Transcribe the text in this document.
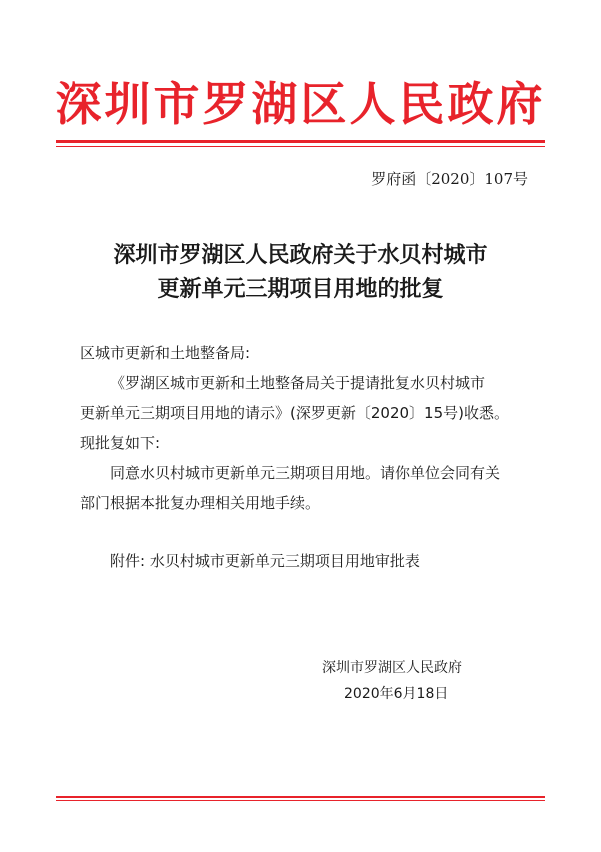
深圳市罗湖区人民政府
罗府函〔2020〕107号
深圳市罗湖区人民政府关于水贝村城市
更新单元三期项目用地的批复

区城市更新和土地整备局:

《罗湖区城市更新和土地整备局关于提请批复水贝村城市

更新单元三期项目用地的请示》(深罗更新〔2020〕15号)收悉。

现批复如下:

同意水贝村城市更新单元三期项目用地。请你单位会同有关

部门根据本批复办理相关用地手续。

附件: 水贝村城市更新单元三期项目用地审批表
深圳市罗湖区人民政府
2020年6月18日
